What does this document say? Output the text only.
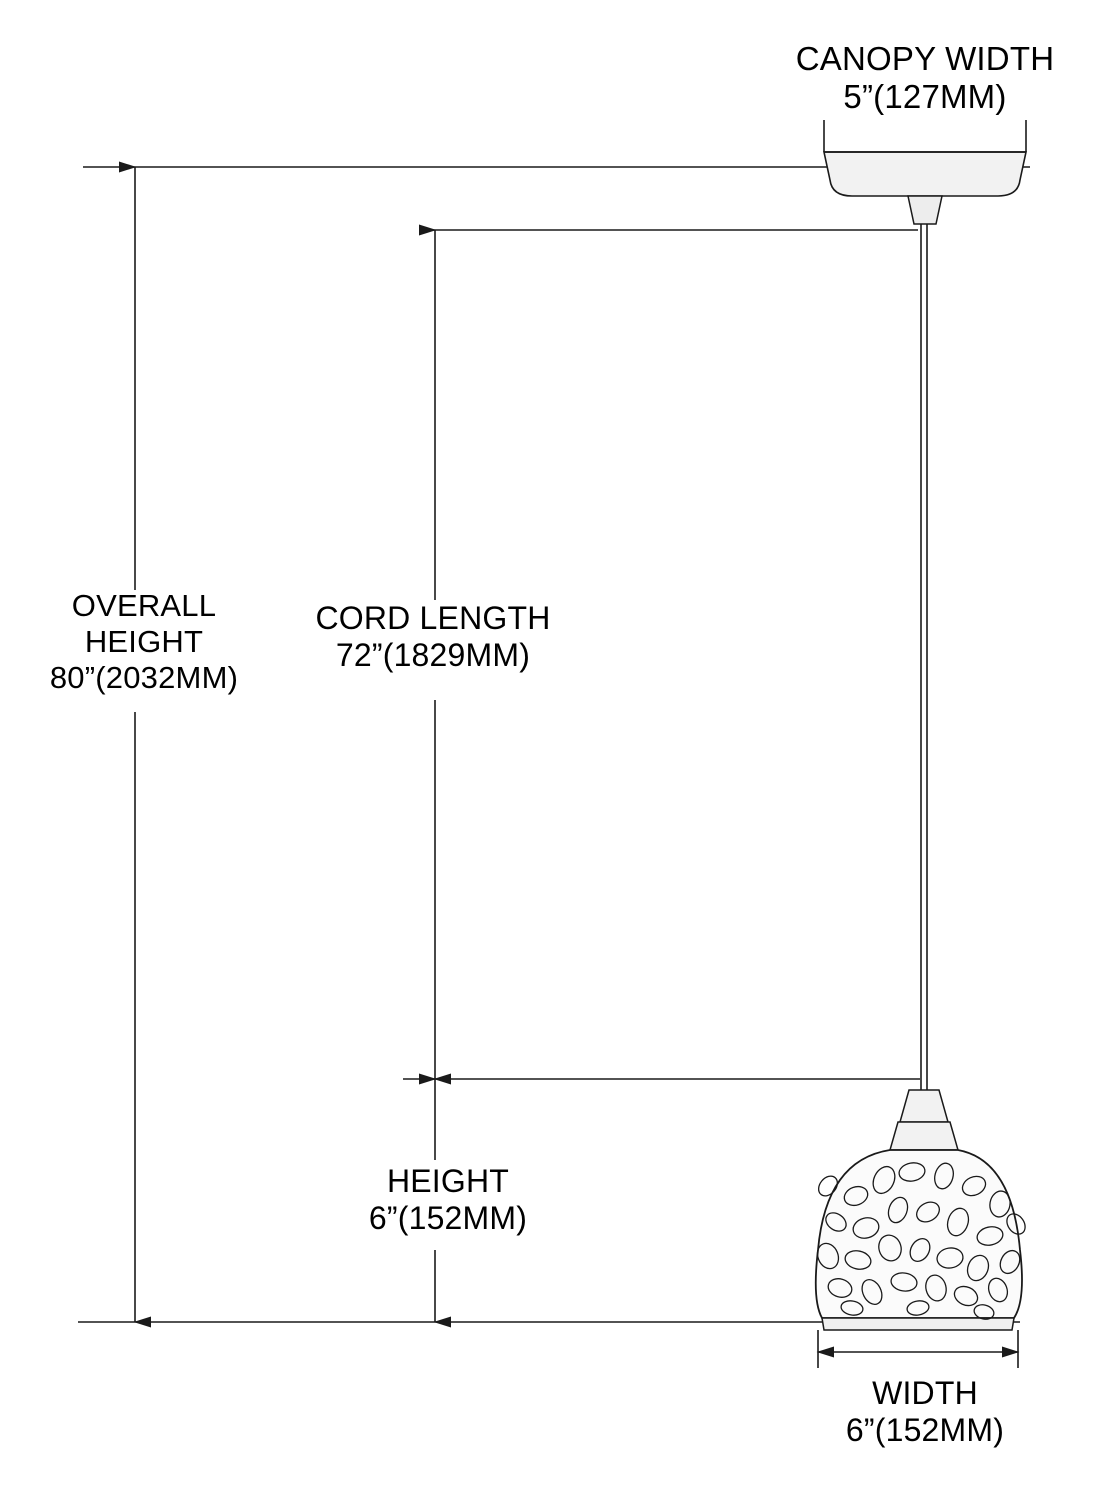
CANOPY WIDTH
5”(127MM)
OVERALL
HEIGHT
80”(2032MM)
CORD LENGTH
72”(1829MM)
HEIGHT
6”(152MM)
WIDTH
6”(152MM)
